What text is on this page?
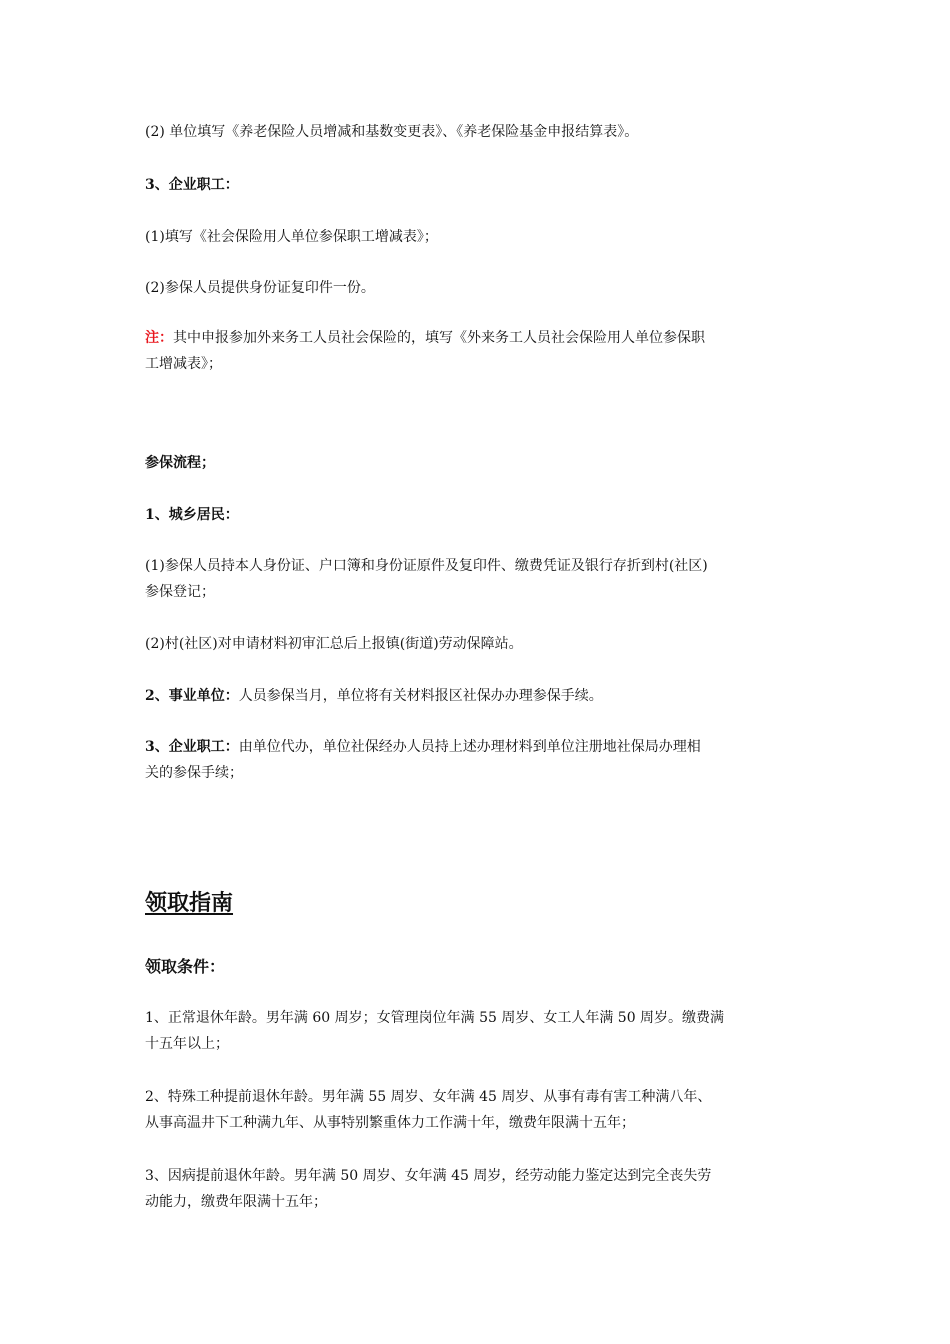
(2) 单位填写《养老保险人员增减和基数变更表》、《养老保险基金申报结算表》。
3、企业职工：
(1)填写《社会保险用人单位参保职工增减表》；
(2)参保人员提供身份证复印件一份。
注：其中申报参加外来务工人员社会保险的，填写《外来务工人员社会保险用人单位参保职
工增减表》；
参保流程；
1、城乡居民：
(1)参保人员持本人身份证、户口簿和身份证原件及复印件、缴费凭证及银行存折到村(社区)
参保登记；
(2)村(社区)对申请材料初审汇总后上报镇(街道)劳动保障站。
2、事业单位：人员参保当月，单位将有关材料报区社保办办理参保手续。
3、企业职工：由单位代办，单位社保经办人员持上述办理材料到单位注册地社保局办理相
关的参保手续；
领取指南
领取条件：
1、正常退休年龄。男年满 60 周岁；女管理岗位年满 55 周岁、女工人年满 50 周岁。缴费满
十五年以上；
2、特殊工种提前退休年龄。男年满 55 周岁、女年满 45 周岁、从事有毒有害工种满八年、
从事高温井下工种满九年、从事特别繁重体力工作满十年，缴费年限满十五年；
3、因病提前退休年龄。男年满 50 周岁、女年满 45 周岁，经劳动能力鉴定达到完全丧失劳
动能力，缴费年限满十五年；
